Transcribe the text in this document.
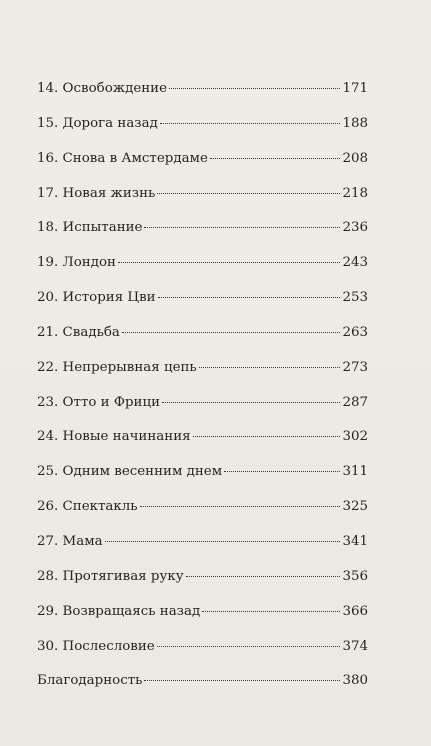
14. Освобождение	171
15. Дорога назад	188
16. Снова в Амстердаме	208
17. Новая жизнь	218
18. Испытание	236
19. Лондон	243
20. История Цви	253
21. Свадьба	263
22. Непрерывная цепь	273
23. Отто и Фрици	287
24. Новые начинания	302
25. Одним весенним днем	311
26. Спектакль	325
27. Мама	341
28. Протягивая руку	356
29. Возвращаясь назад	366
30. Послесловие	374
Благодарность	380
